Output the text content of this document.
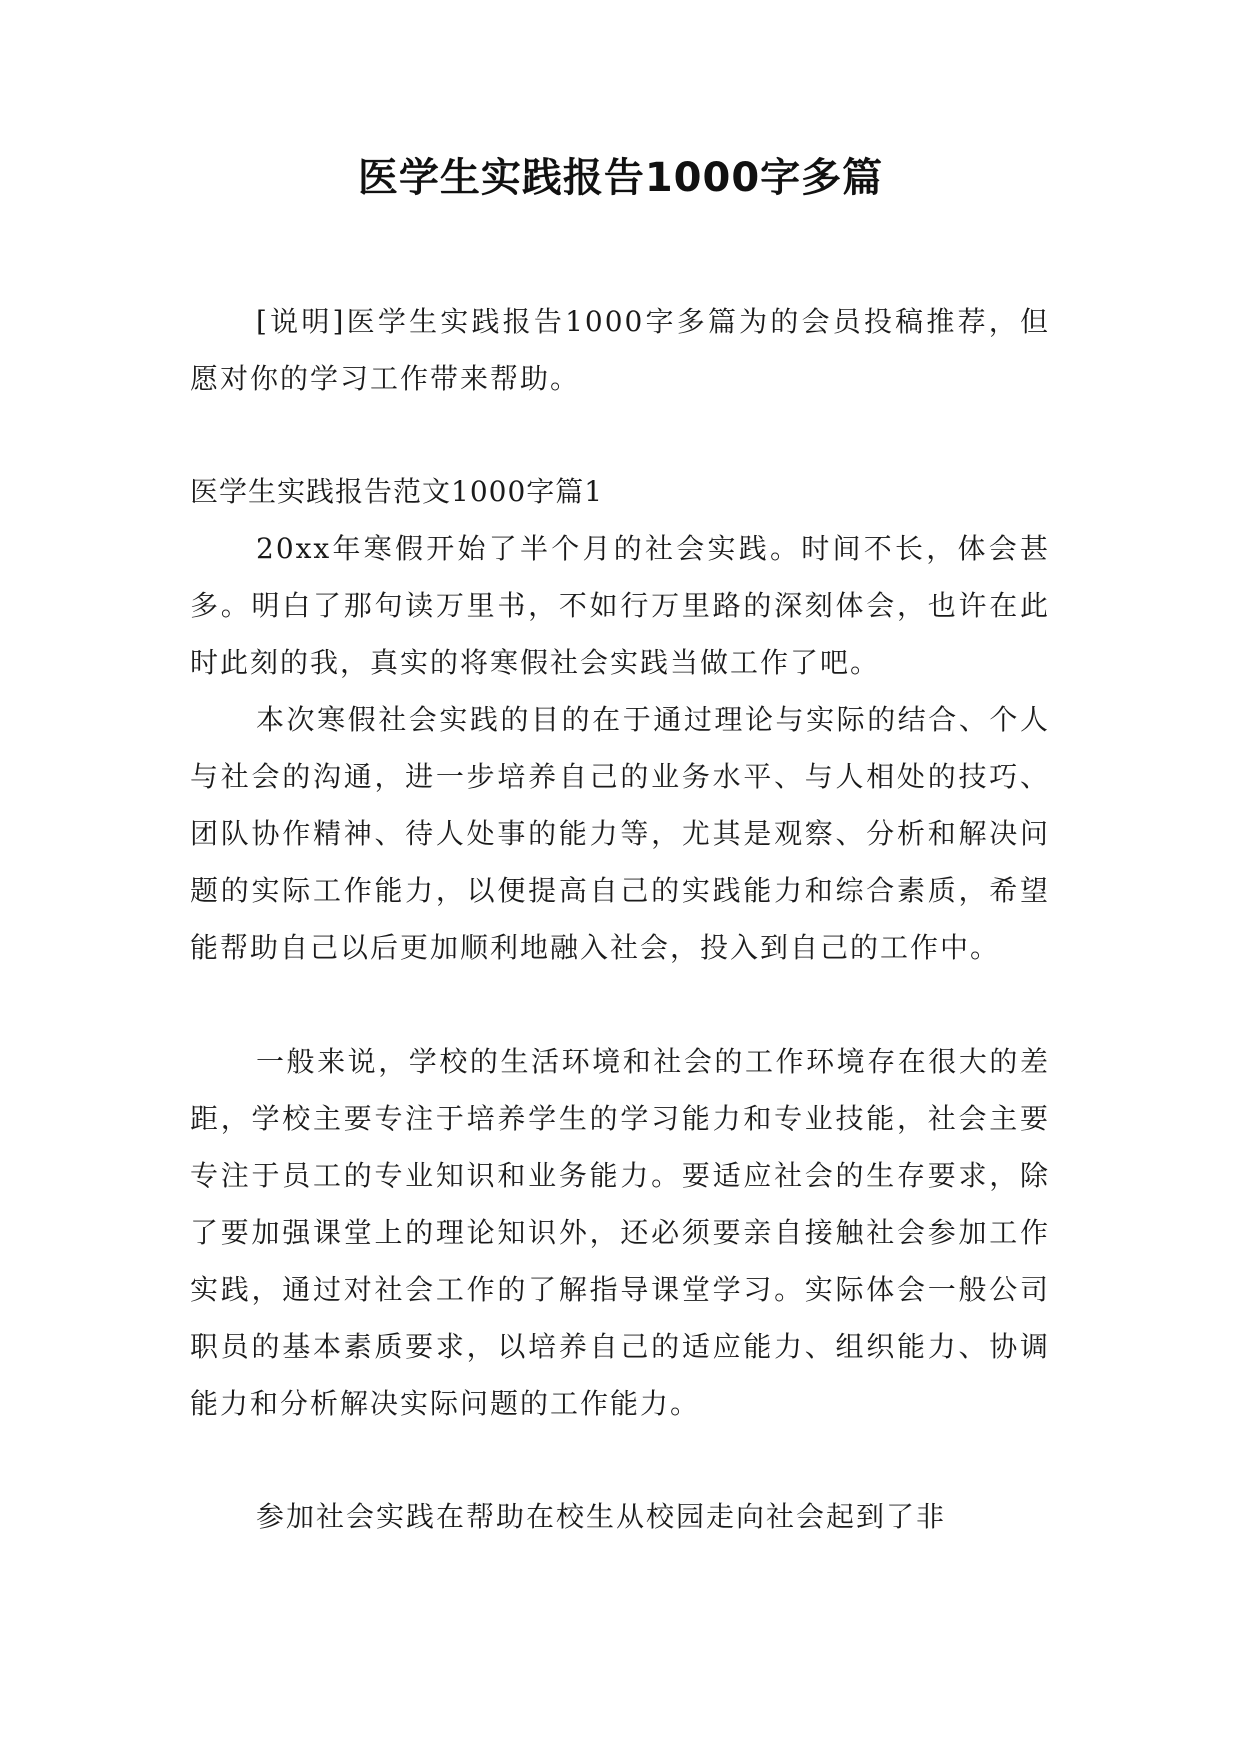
医学生实践报告1000字多篇

[说明]医学生实践报告1000字多篇为的会员投稿推荐，但愿对你的学习工作带来帮助。

医学生实践报告范文1000字篇1

20xx年寒假开始了半个月的社会实践。时间不长，体会甚多。明白了那句读万里书，不如行万里路的深刻体会，也许在此时此刻的我，真实的将寒假社会实践当做工作了吧。

本次寒假社会实践的目的在于通过理论与实际的结合、个人与社会的沟通，进一步培养自己的业务水平、与人相处的技巧、团队协作精神、待人处事的能力等，尤其是观察、分析和解决问题的实际工作能力，以便提高自己的实践能力和综合素质，希望能帮助自己以后更加顺利地融入社会，投入到自己的工作中。

一般来说，学校的生活环境和社会的工作环境存在很大的差距，学校主要专注于培养学生的学习能力和专业技能，社会主要专注于员工的专业知识和业务能力。要适应社会的生存要求，除了要加强课堂上的理论知识外，还必须要亲自接触社会参加工作实践，通过对社会工作的了解指导课堂学习。实际体会一般公司职员的基本素质要求，以培养自己的适应能力、组织能力、协调能力和分析解决实际问题的工作能力。

参加社会实践在帮助在校生从校园走向社会起到了非
